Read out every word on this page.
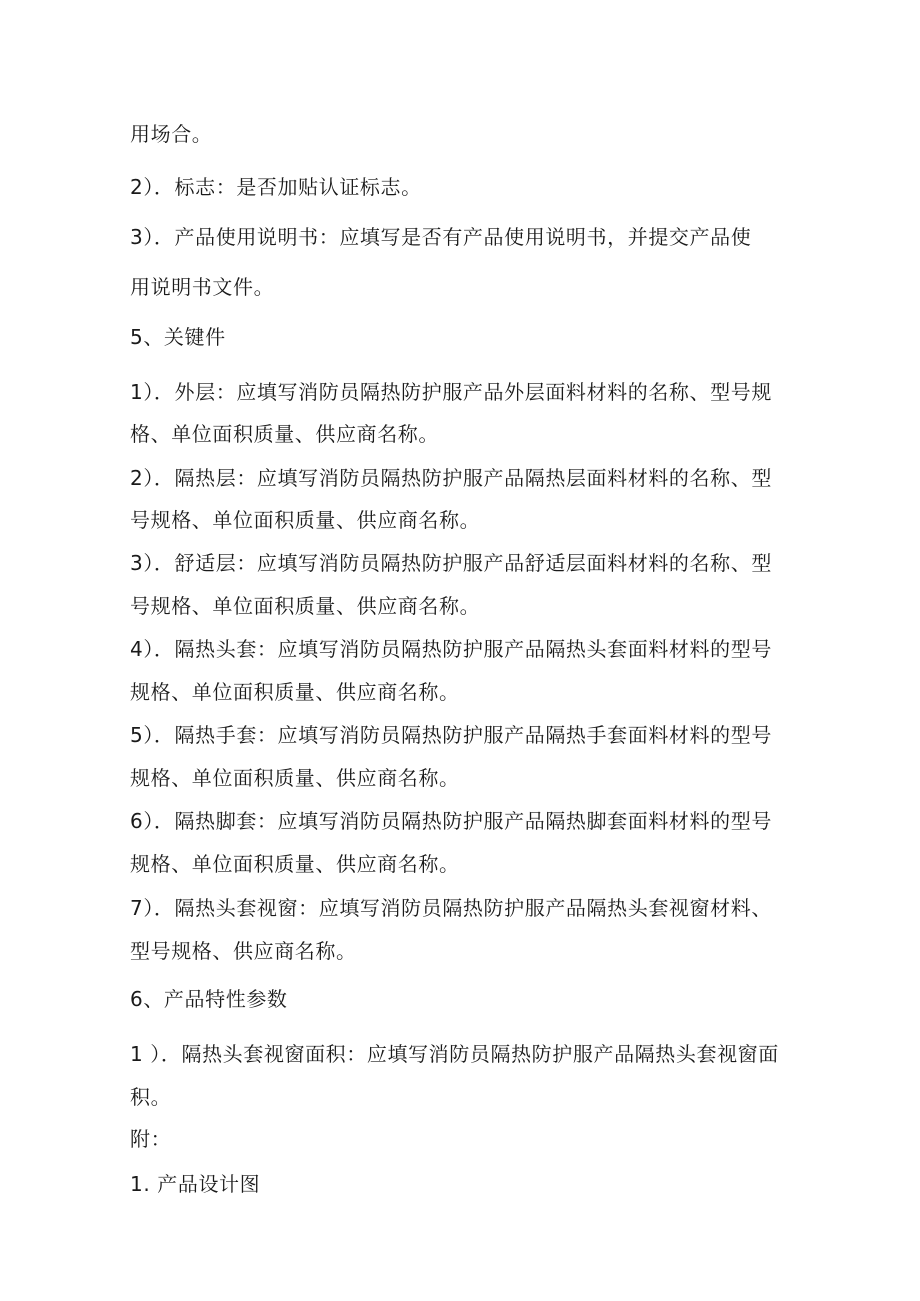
用场合。
2）．标志：是否加贴认证标志。
3）．产品使用说明书：应填写是否有产品使用说明书，并提交产品使
用说明书文件。
5、关键件
1）．外层：应填写消防员隔热防护服产品外层面料材料的名称、型号规
格、单位面积质量、供应商名称。
2）．隔热层：应填写消防员隔热防护服产品隔热层面料材料的名称、型
号规格、单位面积质量、供应商名称。
3）．舒适层：应填写消防员隔热防护服产品舒适层面料材料的名称、型
号规格、单位面积质量、供应商名称。
4）．隔热头套：应填写消防员隔热防护服产品隔热头套面料材料的型号
规格、单位面积质量、供应商名称。
5）．隔热手套：应填写消防员隔热防护服产品隔热手套面料材料的型号
规格、单位面积质量、供应商名称。
6）．隔热脚套：应填写消防员隔热防护服产品隔热脚套面料材料的型号
规格、单位面积质量、供应商名称。
7）．隔热头套视窗：应填写消防员隔热防护服产品隔热头套视窗材料、
型号规格、供应商名称。
6、产品特性参数
1 ）．隔热头套视窗面积：应填写消防员隔热防护服产品隔热头套视窗面
积。
附：
1. 产品设计图
